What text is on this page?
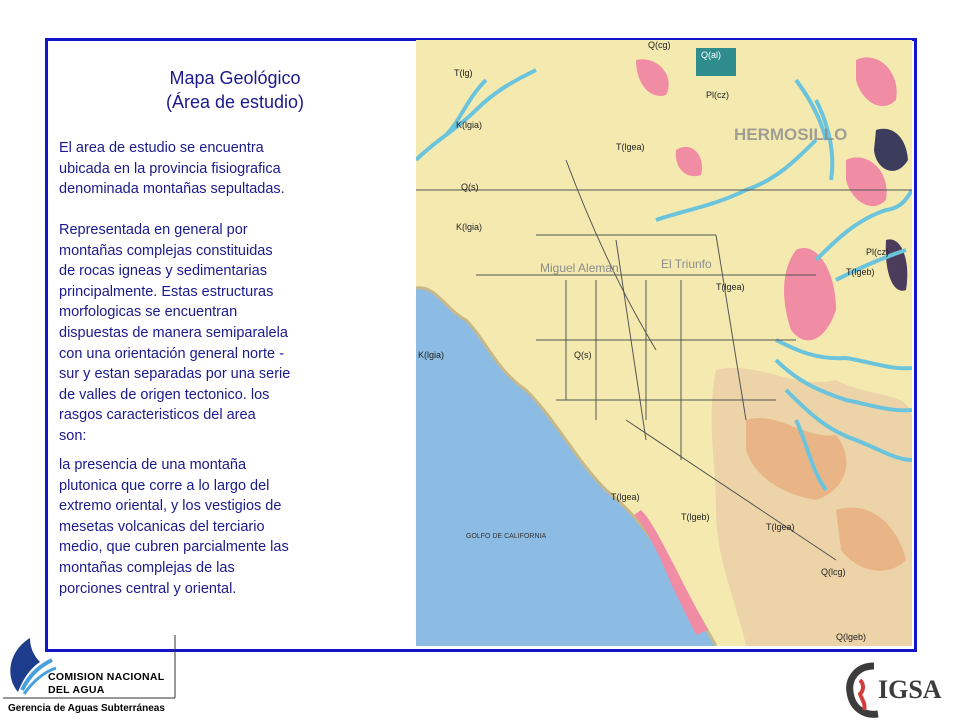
Mapa Geológico
(Área de estudio)
El area de estudio se encuentra
ubicada en la provincia fisiografica
denominada montañas sepultadas.
Representada en general por
montañas complejas constituidas
de rocas igneas y sedimentarias
principalmente. Estas estructuras
morfologicas se encuentran
dispuestas de manera semiparalela
con una orientación general norte -
sur y estan separadas por una serie
de valles de origen tectonico. los
rasgos caracteristicos del area
son:
la presencia de una montaña
plutonica que corre a lo largo del
extremo oriental, y los vestigios de
mesetas volcanicas del terciario
medio, que cubren parcialmente las
montañas complejas de las
porciones central y oriental.
HERMOSILLO
Miguel Aleman	El Triunfo
GOLFO DE CALIFORNIA
Q(cg)
Q(al)
Pl(cz)
T(lg)
K(lgia)
T(lgea)
Q(s)
T(lgeb)
T(lgea)
K(lgia)
Pl(cz)
Q(lcg)
T(lgea)
Q(lgeb)
Q(s)
T(lgea)
K(lgia)
T(lgeb)
COMISION NACIONAL
DEL AGUA
Gerencia de Aguas Subterráneas
IGSA
